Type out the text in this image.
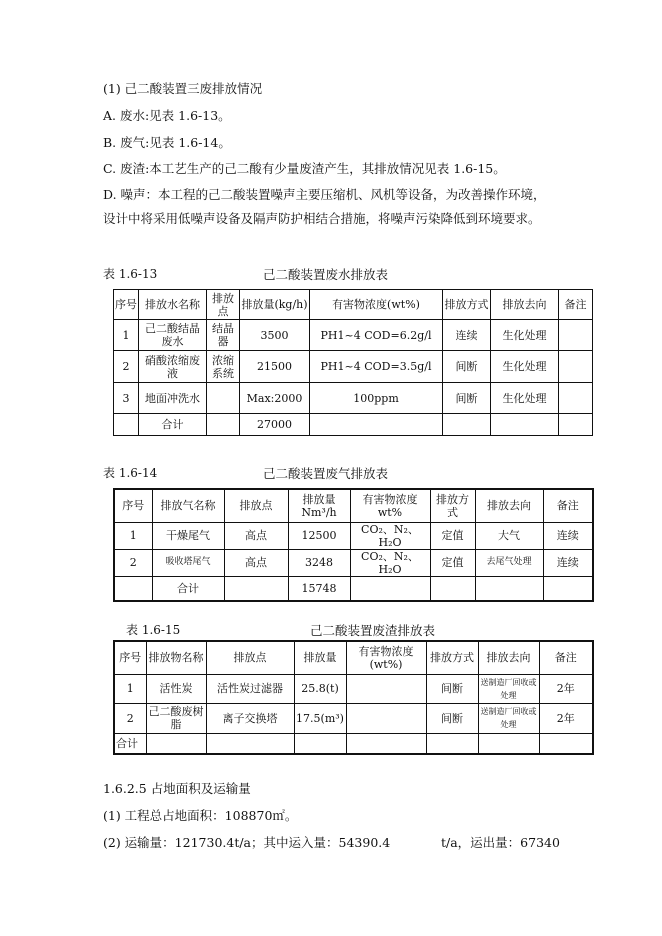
(1) 己二酸装置三废排放情况
A. 废水:见表 1.6-13。
B. 废气:见表 1.6-14。
C. 废渣:本工艺生产的己二酸有少量废渣产生，其排放情况见表 1.6-15。
D. 噪声：本工程的己二酸装置噪声主要压缩机、风机等设备，为改善操作环境，
设计中将采用低噪声设备及隔声防护相结合措施，将噪声污染降低到环境要求。
表 1.6-13	己二酸装置废水排放表
序号	排放水名称	排放点	排放量(kg/h)	有害物浓度(wt%)	排放方式	排放去向	备注
1	己二酸结晶废水	结晶器	3500	PH1~4 COD=6.2g/l	连续	生化处理	
2	硝酸浓缩废液	浓缩系统	21500	PH1~4 COD=3.5g/l	间断	生化处理	
3	地面冲洗水		Max:2000	100ppm	间断	生化处理	
	合计		27000				
表 1.6-14	己二酸装置废气排放表
序号	排放气名称	排放点	排放量Nm³/h	有害物浓度 wt%	排放方式	排放去向	备注
1	干燥尾气	高点	12500	CO₂、N₂、H₂O	定值	大气	连续
2	吸收塔尾气	高点	3248	CO₂、N₂、H₂O	定值	去尾气处理	连续
	合计		15748				
表 1.6-15	己二酸装置废渣排放表
序号	排放物名称	排放点	排放量	有害物浓度(wt%)	排放方式	排放去向	备注
1	活性炭	活性炭过滤器	25.8(t)		间断	送制造厂回收或处理	2年
2	己二酸废树脂	离子交换塔	17.5(m³)		间断	送制造厂回收或处理	2年
合计							
1.6.2.5 占地面积及运输量
(1) 工程总占地面积：108870㎡。
(2) 运输量：121730.4t/a；其中运入量：54390.4	t/a，运出量：67340
